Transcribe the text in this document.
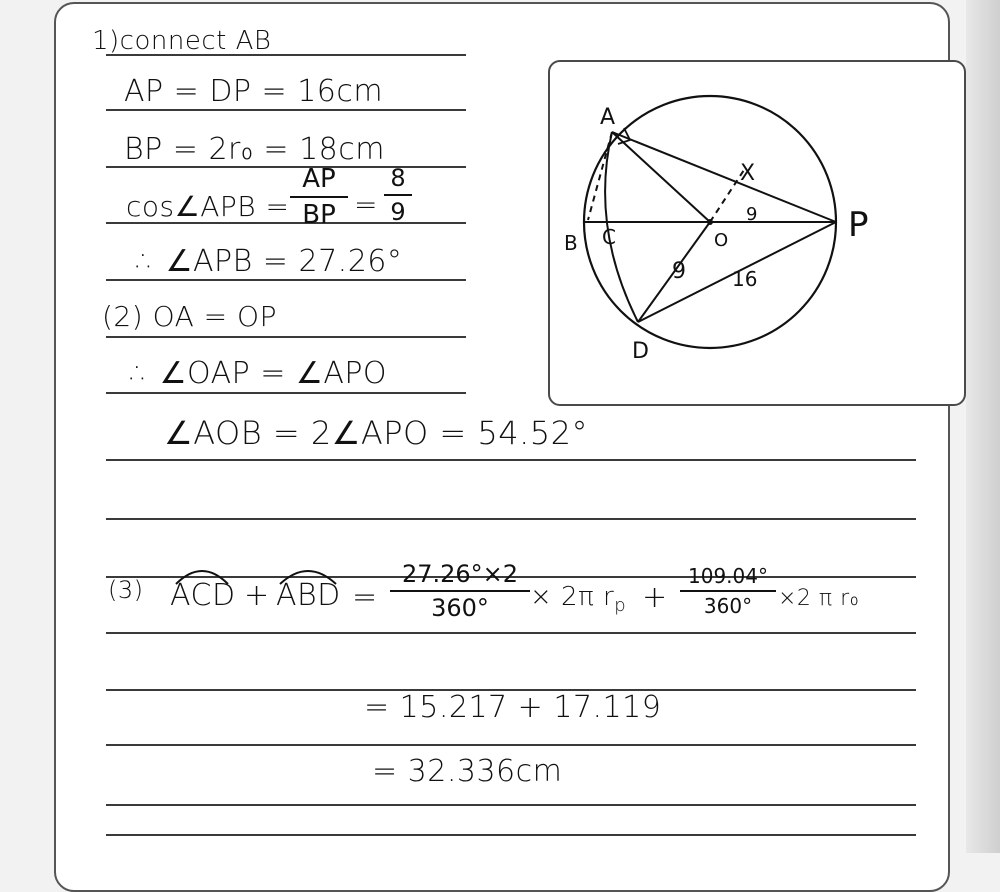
1)connect AB
AP = DP = 16cm
BP = 2r₀ = 18cm
cos∠APB =
AP
BP =
8
9
∴ ∠APB = 27.26°
(2) OA = OP
∴ ∠OAP = ∠APO
∠AOB = 2∠APO = 54.52°
(3) ACD + ABD =
27.26°×2
360°	× 2π $r_p$ +
109.04°
360°	×2 π r₀
= 15.217 + 17.119
= 32.336cm
A
B C
D
O	P
X
9
9 16
